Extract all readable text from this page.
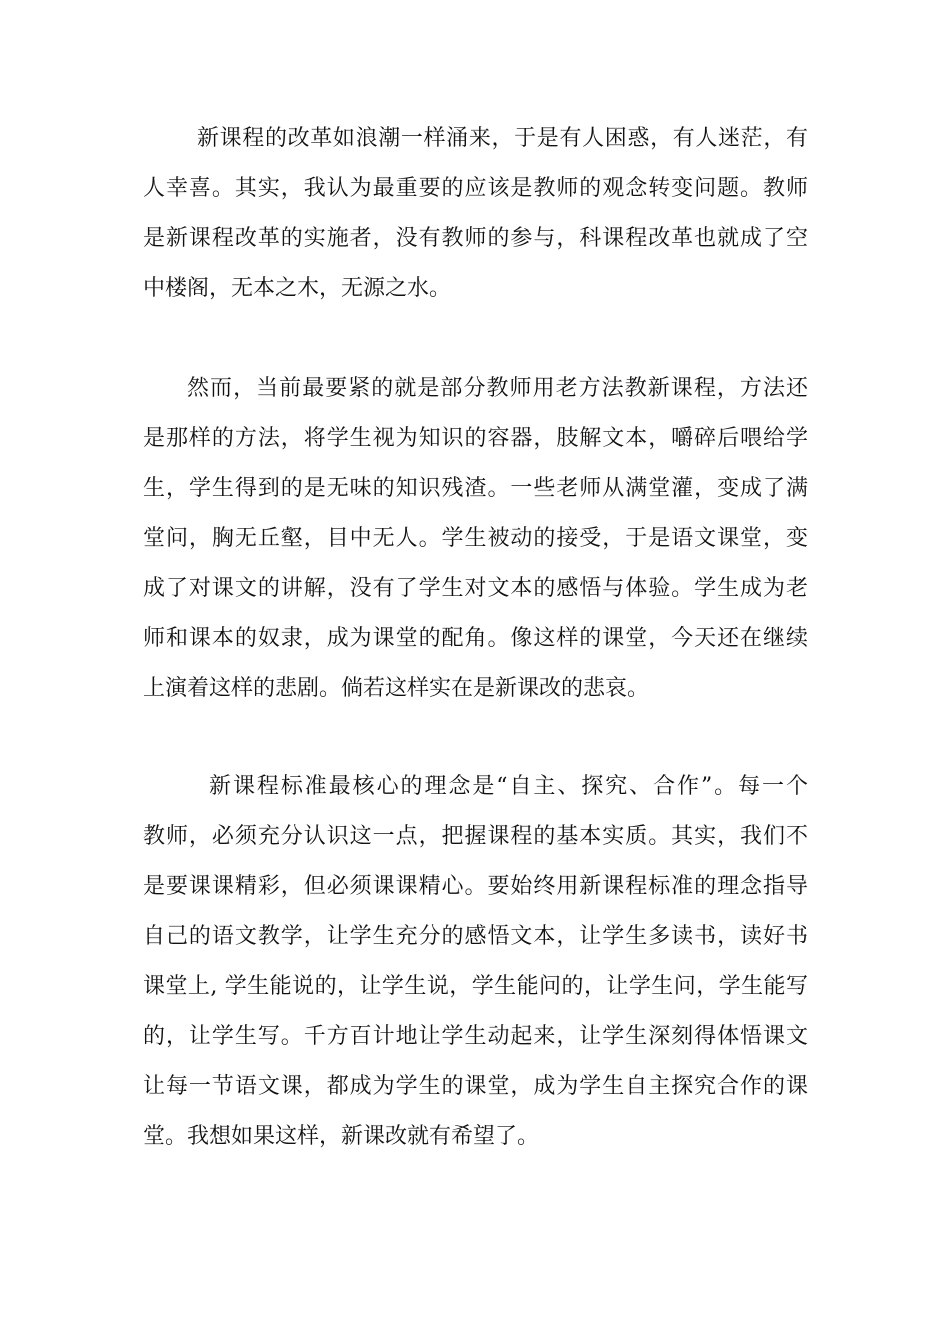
新课程的改革如浪潮一样涌来，于是有人困惑，有人迷茫，有
人幸喜。其实，我认为最重要的应该是教师的观念转变问题。教师
是新课程改革的实施者，没有教师的参与，科课程改革也就成了空
中楼阁，无本之木，无源之水。
然而，当前最要紧的就是部分教师用老方法教新课程，方法还
是那样的方法，将学生视为知识的容器，肢解文本，嚼碎后喂给学
生，学生得到的是无味的知识残渣。一些老师从满堂灌，变成了满
堂问，胸无丘壑，目中无人。学生被动的接受，于是语文课堂，变
成了对课文的讲解，没有了学生对文本的感悟与体验。学生成为老
师和课本的奴隶，成为课堂的配角。像这样的课堂，今天还在继续
上演着这样的悲剧。倘若这样实在是新课改的悲哀。
新课程标准最核心的理念是“自主、探究、合作”。每一个
教师，必须充分认识这一点，把握课程的基本实质。其实，我们不
是要课课精彩，但必须课课精心。要始终用新课程标准的理念指导
自己的语文教学，让学生充分的感悟文本，让学生多读书，读好书
课堂上, 学生能说的，让学生说，学生能问的，让学生问，学生能写
的，让学生写。千方百计地让学生动起来，让学生深刻得体悟课文
让每一节语文课，都成为学生的课堂，成为学生自主探究合作的课
堂。我想如果这样，新课改就有希望了。
